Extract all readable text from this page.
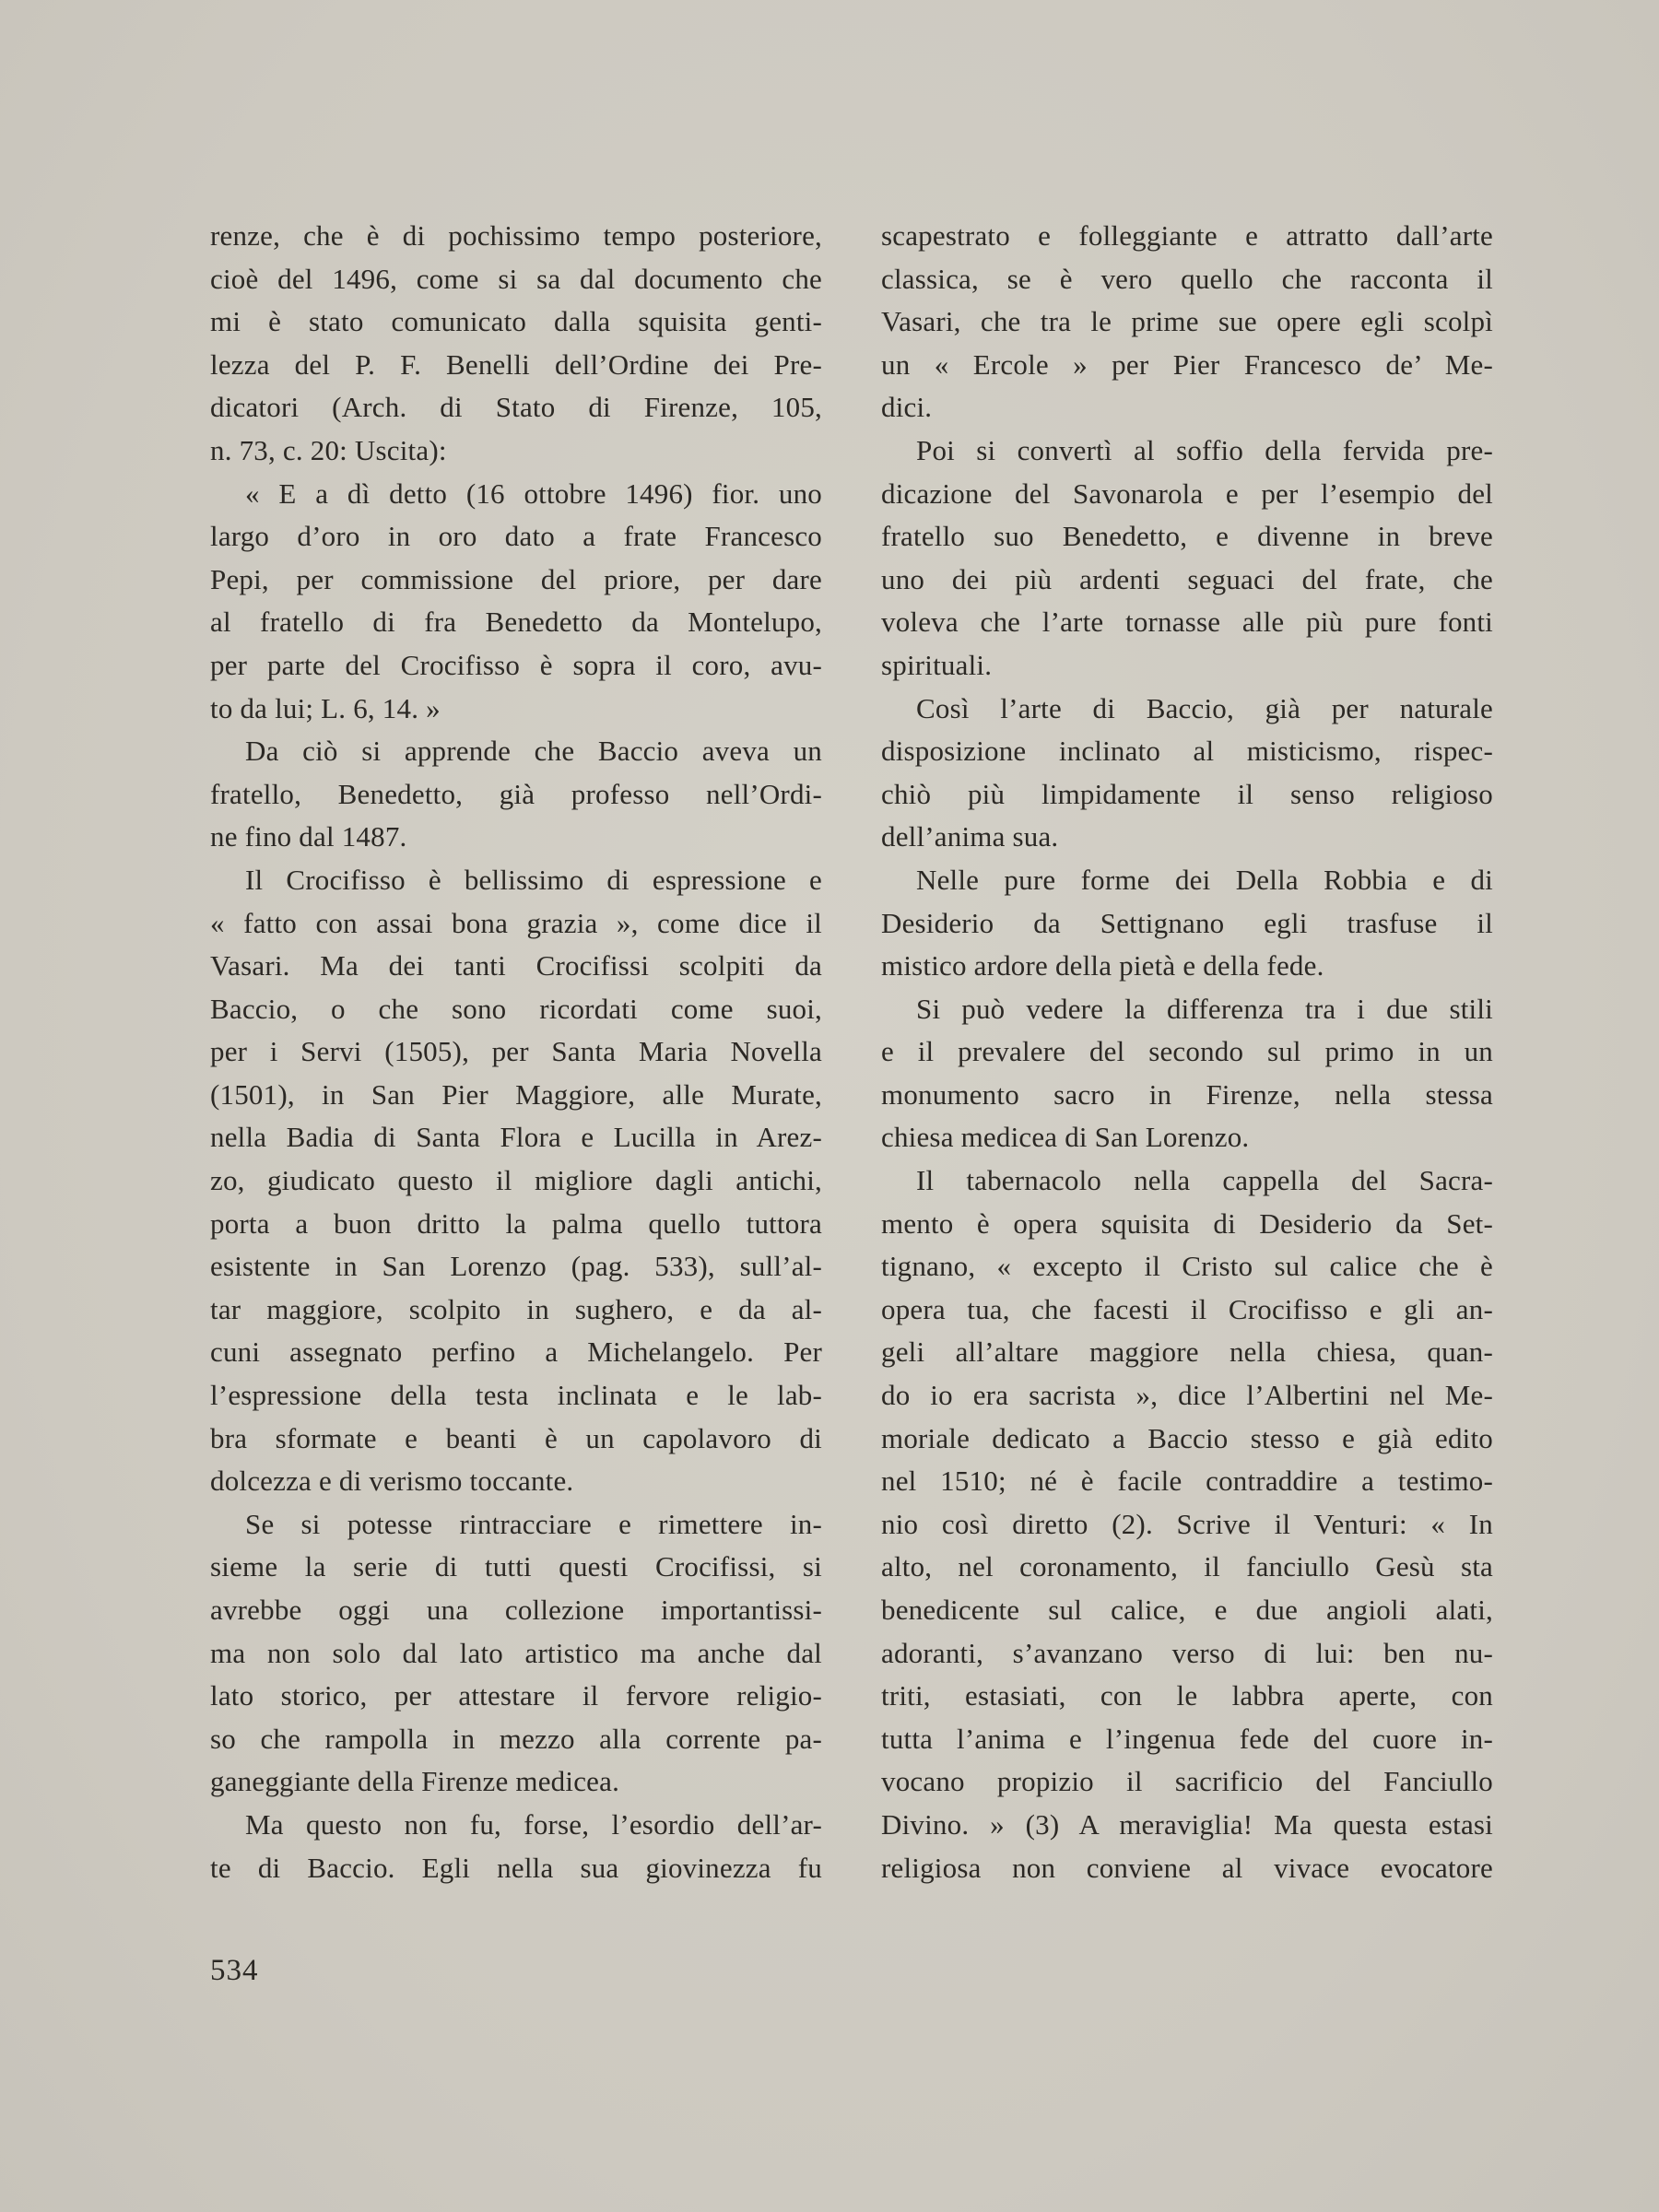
renze, che è di pochissimo tempo posteriore,
cioè del 1496, come si sa dal documento che
mi è stato comunicato dalla squisita genti-
lezza del P. F. Benelli dell’Ordine dei Pre-
dicatori (Arch. di Stato di Firenze, 105,
n. 73, c. 20: Uscita):
« E a dì detto (16 ottobre 1496) fior. uno
largo d’oro in oro dato a frate Francesco
Pepi, per commissione del priore, per dare
al fratello di fra Benedetto da Montelupo,
per parte del Crocifisso è sopra il coro, avu-
to da lui; L. 6, 14. »
Da ciò si apprende che Baccio aveva un
fratello, Benedetto, già professo nell’Ordi-
ne fino dal 1487.
Il Crocifisso è bellissimo di espressione e
« fatto con assai bona grazia », come dice il
Vasari. Ma dei tanti Crocifissi scolpiti da
Baccio, o che sono ricordati come suoi,
per i Servi (1505), per Santa Maria Novella
(1501), in San Pier Maggiore, alle Murate,
nella Badia di Santa Flora e Lucilla in Arez-
zo, giudicato questo il migliore dagli antichi,
porta a buon dritto la palma quello tuttora
esistente in San Lorenzo (pag. 533), sull’al-
tar maggiore, scolpito in sughero, e da al-
cuni assegnato perfino a Michelangelo. Per
l’espressione della testa inclinata e le lab-
bra sformate e beanti è un capolavoro di
dolcezza e di verismo toccante.
Se si potesse rintracciare e rimettere in-
sieme la serie di tutti questi Crocifissi, si
avrebbe oggi una collezione importantissi-
ma non solo dal lato artistico ma anche dal
lato storico, per attestare il fervore religio-
so che rampolla in mezzo alla corrente pa-
ganeggiante della Firenze medicea.
Ma questo non fu, forse, l’esordio dell’ar-
te di Baccio. Egli nella sua giovinezza fu
scapestrato e folleggiante e attratto dall’arte
classica, se è vero quello che racconta il
Vasari, che tra le prime sue opere egli scolpì
un « Ercole » per Pier Francesco de’ Me-
dici.
Poi si convertì al soffio della fervida pre-
dicazione del Savonarola e per l’esempio del
fratello suo Benedetto, e divenne in breve
uno dei più ardenti seguaci del frate, che
voleva che l’arte tornasse alle più pure fonti
spirituali.
Così l’arte di Baccio, già per naturale
disposizione inclinato al misticismo, rispec-
chiò più limpidamente il senso religioso
dell’anima sua.
Nelle pure forme dei Della Robbia e di
Desiderio da Settignano egli trasfuse il
mistico ardore della pietà e della fede.
Si può vedere la differenza tra i due stili
e il prevalere del secondo sul primo in un
monumento sacro in Firenze, nella stessa
chiesa medicea di San Lorenzo.
Il tabernacolo nella cappella del Sacra-
mento è opera squisita di Desiderio da Set-
tignano, « excepto il Cristo sul calice che è
opera tua, che facesti il Crocifisso e gli an-
geli all’altare maggiore nella chiesa, quan-
do io era sacrista », dice l’Albertini nel Me-
moriale dedicato a Baccio stesso e già edito
nel 1510; né è facile contraddire a testimo-
nio così diretto (2). Scrive il Venturi: « In
alto, nel coronamento, il fanciullo Gesù sta
benedicente sul calice, e due angioli alati,
adoranti, s’avanzano verso di lui: ben nu-
triti, estasiati, con le labbra aperte, con
tutta l’anima e l’ingenua fede del cuore in-
vocano propizio il sacrificio del Fanciullo
Divino. » (3) A meraviglia! Ma questa estasi
religiosa non conviene al vivace evocatore
534
